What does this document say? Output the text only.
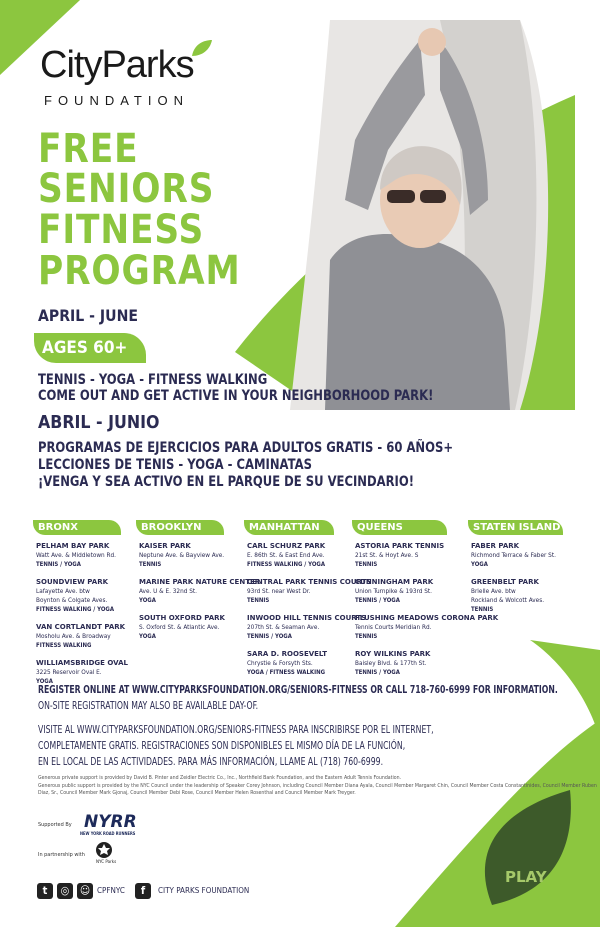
CityParks
FOUNDATION
FREE
SENIORS
FITNESS
PROGRAM
APRIL - JUNE
AGES 60+
TENNIS - YOGA - FITNESS WALKING
COME OUT AND GET ACTIVE IN YOUR NEIGHBORHOOD PARK!
ABRIL - JUNIO
PROGRAMAS DE EJERCICIOS PARA ADULTOS GRATIS - 60 AÑOS+
LECCIONES DE TENIS - YOGA - CAMINATAS
¡VENGA Y SEA ACTIVO EN EL PARQUE DE SU VECINDARIO!
BRONX
PELHAM BAY PARK
Watt Ave. & Middletown Rd.
TENNIS / YOGA
SOUNDVIEW PARK
Lafayette Ave. btw
Boynton & Colgate Aves.
FITNESS WALKING / YOGA
VAN CORTLANDT PARK
Mosholu Ave. & Broadway
FITNESS WALKING
WILLIAMSBRIDGE OVAL
3225 Reservoir Oval E.
YOGA
BROOKLYN
KAISER PARK
Neptune Ave. & Bayview Ave.
TENNIS
MARINE PARK NATURE CENTER
Ave. U & E. 32nd St.
YOGA
SOUTH OXFORD PARK
S. Oxford St. & Atlantic Ave.
YOGA
MANHATTAN
CARL SCHURZ PARK
E. 86th St. & East End Ave.
FITNESS WALKING / YOGA
CENTRAL PARK TENNIS COURTS
93rd St. near West Dr.
TENNIS
INWOOD HILL TENNIS COURTS
207th St. & Seaman Ave.
TENNIS / YOGA
SARA D. ROOSEVELT
Chrystie & Forsyth Sts.
YOGA / FITNESS WALKING
QUEENS
ASTORIA PARK TENNIS
21st St. & Hoyt Ave. S
TENNIS
CUNNINGHAM PARK
Union Turnpike & 193rd St.
TENNIS / YOGA
FLUSHING MEADOWS CORONA PARK
Tennis Courts Meridian Rd.
TENNIS
ROY WILKINS PARK
Baisley Blvd. & 177th St.
TENNIS / YOGA
STATEN ISLAND
FABER PARK
Richmond Terrace & Faber St.
YOGA
GREENBELT PARK
Brielle Ave. btw
Rockland & Wolcott Aves.
TENNIS
REGISTER ONLINE AT WWW.CITYPARKSFOUNDATION.ORG/SENIORS-FITNESS OR CALL 718-760-6999 FOR INFORMATION.
ON-SITE REGISTRATION MAY ALSO BE AVAILABLE DAY-OF.
VISITE AL WWW.CITYPARKSFOUNDATION.ORG/SENIORS-FITNESS PARA INSCRIBIRSE POR EL INTERNET,
COMPLETAMENTE GRATIS. REGISTRACIONES SON DISPONIBLES EL MISMO DÍA DE LA FUNCIÓN,
EN EL LOCAL DE LAS ACTIVIDADES. PARA MÁS INFORMACIÓN, LLAME AL (718) 760-6999.
Generous private support is provided by David B. Pinter and Zeidler Electric Co., Inc., Northfield Bank Foundation, and the Eastern Adult Tennis Foundation.
Generous public support is provided by the NYC Council under the leadership of Speaker Corey Johnson, including Council Member Diana Ayala, Council Member Margaret Chin, Council Member Costa Constantinides, Council Member Ruben Diaz, Sr., Council Member Mark Gjonaj, Council Member Debi Rose, Council Member Helen Rosenthal and Council Member Mark Treyger.
Supported By NYRR
NEW YORK ROAD RUNNERS
In partnership with
NYC Parks
t	◎ ☺ CPFNYC	f	CITY PARKS FOUNDATION
PLAY
